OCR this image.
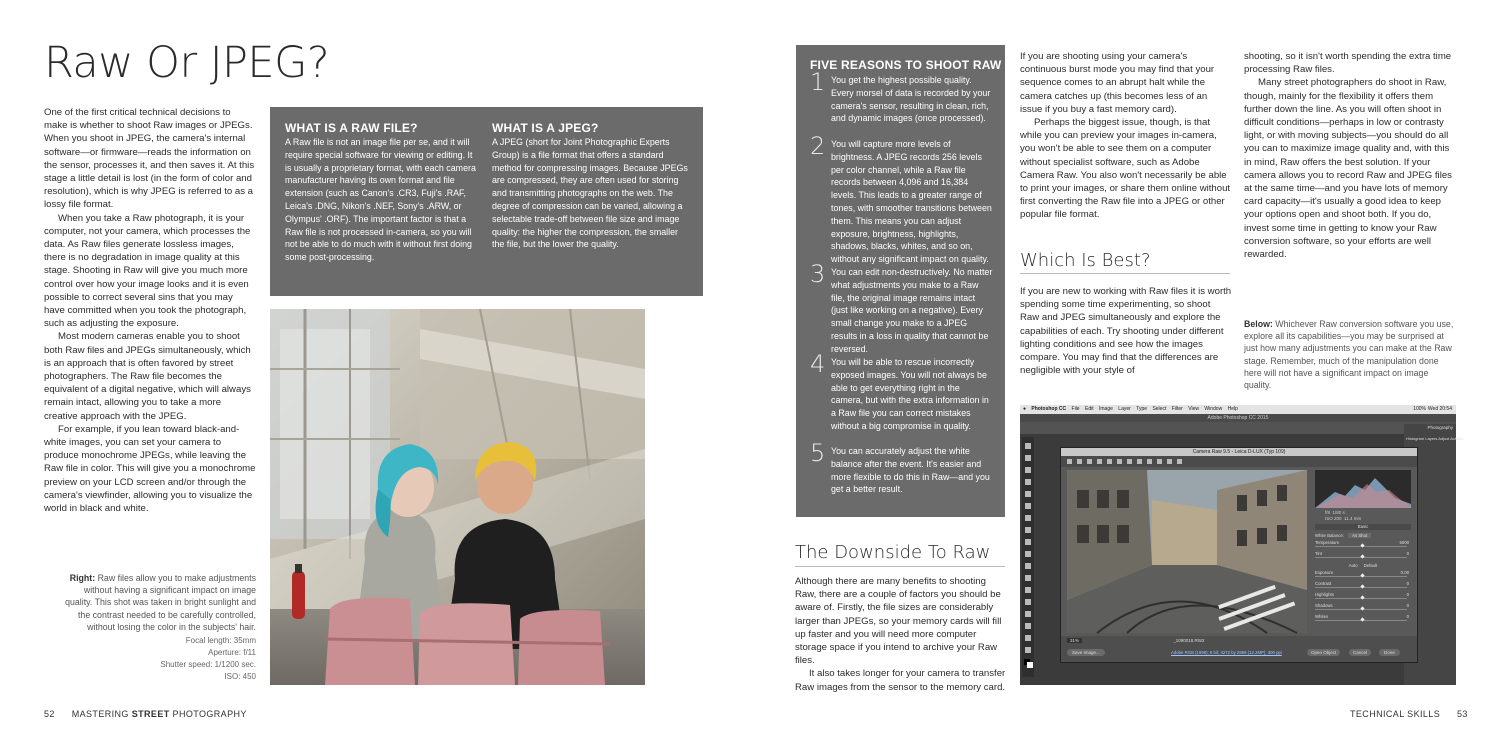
Raw Or JPEG?

One of the first critical technical decisions to make is whether to shoot Raw images or JPEGs. When you shoot in JPEG, the camera's internal software—or firmware—reads the information on the sensor, processes it, and then saves it. At this stage a little detail is lost (in the form of color and resolution), which is why JPEG is referred to as a lossy file format.

When you take a Raw photograph, it is your computer, not your camera, which processes the data. As Raw files generate lossless images, there is no degradation in image quality at this stage. Shooting in Raw will give you much more control over how your image looks and it is even possible to correct several sins that you may have committed when you took the photograph, such as adjusting the exposure.

Most modern cameras enable you to shoot both Raw files and JPEGs simultaneously, which is an approach that is often favored by street photographers. The Raw file becomes the equivalent of a digital negative, which will always remain intact, allowing you to take a more creative approach with the JPEG.

For example, if you lean toward black-and-white images, you can set your camera to produce monochrome JPEGs, while leaving the Raw file in color. This will give you a monochrome preview on your LCD screen and/or through the camera's viewfinder, allowing you to visualize the world in black and white.

WHAT IS A RAW FILE?
A Raw file is not an image file per se, and it will require special software for viewing or editing. It is usually a proprietary format, with each camera manufacturer having its own format and file extension (such as Canon's .CR3, Fuji's .RAF, Leica's .DNG, Nikon's .NEF, Sony's .ARW, or Olympus' .ORF). The important factor is that a Raw file is not processed in-camera, so you will not be able to do much with it without first doing some post-processing.
WHAT IS A JPEG?
A JPEG (short for Joint Photographic Experts Group) is a file format that offers a standard method for compressing images. Because JPEGs are compressed, they are often used for storing and transmitting photographs on the web. The degree of compression can be varied, allowing a selectable trade-off between file size and image quality: the higher the compression, the smaller the file, but the lower the quality.
Right: Raw files allow you to make adjustments without having a significant impact on image quality. This shot was taken in bright sunlight and the contrast needed to be carefully controlled, without losing the color in the subjects' hair.
Focal length: 35mm
Aperture: f/11
Shutter speed: 1/1200 sec.
ISO: 450
52 MASTERING STREET PHOTOGRAPHY
FIVE REASONS TO SHOOT RAW
1 You get the highest possible quality. Every morsel of data is recorded by your camera's sensor, resulting in clean, rich, and dynamic images (once processed).
2 You will capture more levels of brightness. A JPEG records 256 levels per color channel, while a Raw file records between 4,096 and 16,384 levels. This leads to a greater range of tones, with smoother transitions between them. This means you can adjust exposure, brightness, highlights, shadows, blacks, whites, and so on, without any significant impact on quality.
3 You can edit non-destructively. No matter what adjustments you make to a Raw file, the original image remains intact (just like working on a negative). Every small change you make to a JPEG results in a loss in quality that cannot be reversed.
4 You will be able to rescue incorrectly exposed images. You will not always be able to get everything right in the camera, but with the extra information in a Raw file you can correct mistakes without a big compromise in quality.
5 You can accurately adjust the white balance after the event. It's easier and more flexible to do this in Raw—and you get a better result.
The Downside To Raw

Although there are many benefits to shooting Raw, there are a couple of factors you should be aware of. Firstly, the file sizes are considerably larger than JPEGs, so your memory cards will fill up faster and you will need more computer storage space if you intend to archive your Raw files.

It also takes longer for your camera to transfer Raw images from the sensor to the memory card.

If you are shooting using your camera's continuous burst mode you may find that your sequence comes to an abrupt halt while the camera catches up (this becomes less of an issue if you buy a fast memory card).

Perhaps the biggest issue, though, is that while you can preview your images in-camera, you won't be able to see them on a computer without specialist software, such as Adobe Camera Raw. You also won't necessarily be able to print your images, or share them online without first converting the Raw file into a JPEG or other popular file format.

Which Is Best?

If you are new to working with Raw files it is worth spending some time experimenting, so shoot Raw and JPEG simultaneously and explore the capabilities of each. Try shooting under different lighting conditions and see how the images compare. You may find that the differences are negligible with your style of

shooting, so it isn't worth spending the extra time processing Raw files.

Many street photographers do shoot in Raw, though, mainly for the flexibility it offers them further down the line. As you will often shoot in difficult conditions—perhaps in low or contrasty light, or with moving subjects—you should do all you can to maximize image quality and, with this in mind, Raw offers the best solution. If your camera allows you to record Raw and JPEG files at the same time—and you have lots of memory card capacity—it's usually a good idea to keep your options open and shoot both. If you do, invest some time in getting to know your Raw conversion software, so your efforts are well rewarded.

Below: Whichever Raw conversion software you use, explore all its capabilities—you may be surprised at just how many adjustments you can make at the Raw stage. Remember, much of the manipulation done here will not have a significant impact on image quality.
● Photoshop CC File Edit Image Layer Type Select Filter View Window Help	100% Wed 20:54
Adobe Photoshop CC 2015
Photography
Histogram Layers Adjust Actions
Camera Raw 9.5 - Leica D-LUX (Typ 109)
f/8 1/80 s
ISO 200 11.4 mm
Basic
White Balance: As Shot
Temperature	5000
Tint	0
Auto Default
Exposure	0.00
Contrast	0
Highlights	0
Shadows	0
Whites	0
31%	_1090018.RW2
Save Image...	Adobe RGB (1998); 8 bit; 4272 by 2856 (12.2MP); 300 ppi	Open Object	Cancel	Done
TECHNICAL SKILLS 53
